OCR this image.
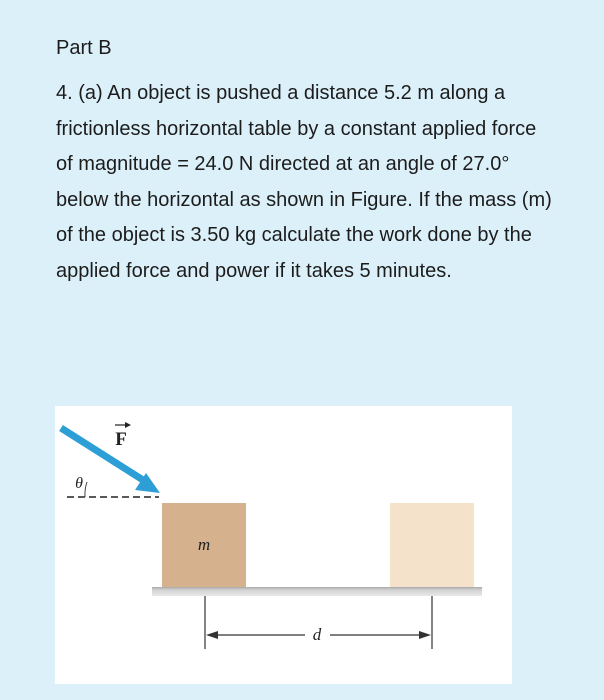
Part B

4. (a) An object is pushed a distance 5.2 m along a frictionless horizontal table by a constant applied force of magnitude = 24.0 N directed at an angle of 27.0° below the horizontal as shown in Figure. If the mass (m) of the object is 3.50 kg calculate the work done by the applied force and power if it takes 5 minutes.

m
θ
F
d
